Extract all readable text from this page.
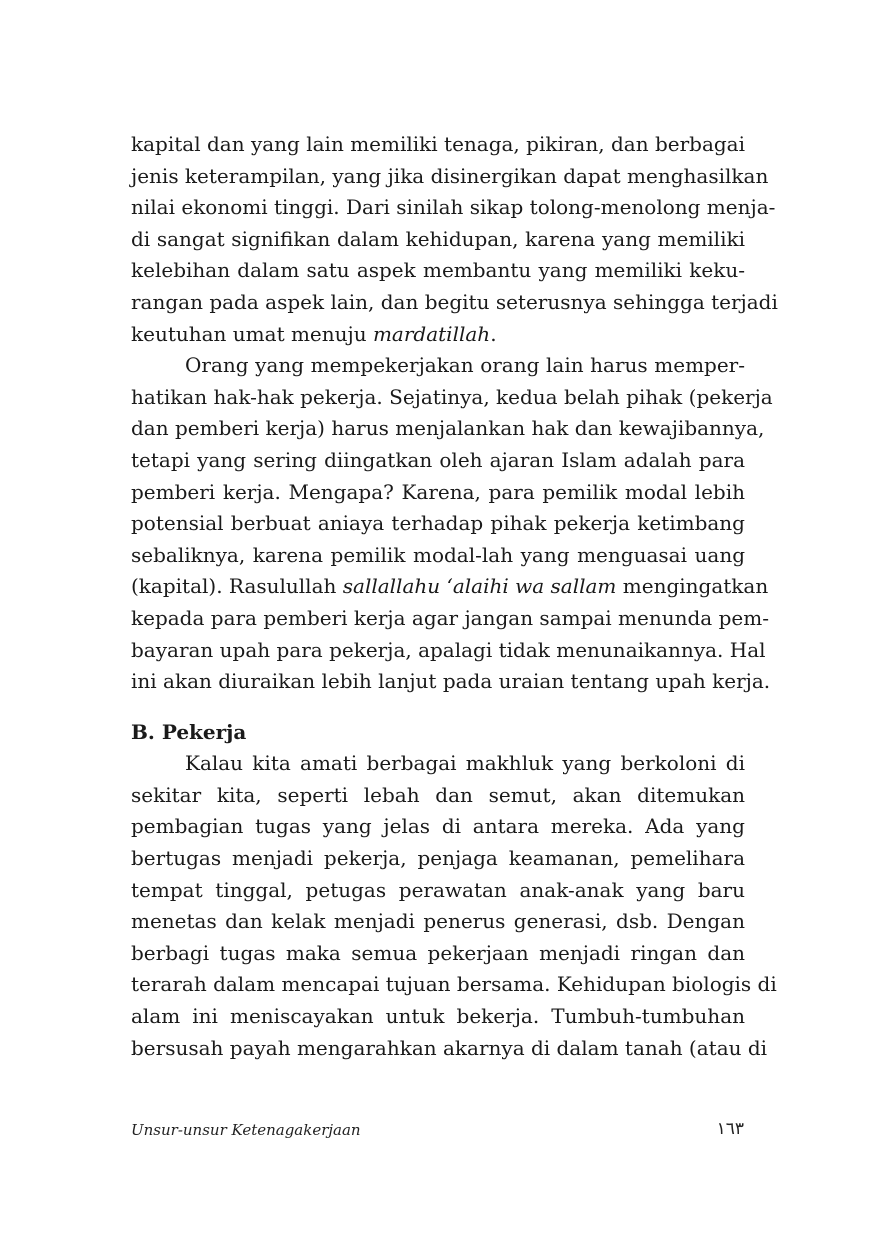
kapital dan yang lain memiliki tenaga, pikiran, dan berbagai
jenis keterampilan, yang jika disinergikan dapat menghasilkan
nilai ekonomi tinggi. Dari sinilah sikap tolong-menolong menja-
di sangat signifikan dalam kehidupan, karena yang memiliki
kelebihan dalam satu aspek membantu yang memiliki keku-
rangan pada aspek lain, dan begitu seterusnya sehingga terjadi
keutuhan umat menuju mardatillah.
Orang yang mempekerjakan orang lain harus memper-
hatikan hak-hak pekerja. Sejatinya, kedua belah pihak (pekerja
dan pemberi kerja) harus menjalankan hak dan kewajibannya,
tetapi yang sering diingatkan oleh ajaran Islam adalah para
pemberi kerja. Mengapa? Karena, para pemilik modal lebih
potensial berbuat aniaya terhadap pihak pekerja ketimbang
sebaliknya, karena pemilik modal-lah yang menguasai uang
(kapital). Rasulullah sallallahu ‘alaihi wa sallam mengingatkan
kepada para pemberi kerja agar jangan sampai menunda pem-
bayaran upah para pekerja, apalagi tidak menunaikannya. Hal
ini akan diuraikan lebih lanjut pada uraian tentang upah kerja.
B. Pekerja
Kalau kita amati berbagai makhluk yang berkoloni di
sekitar kita, seperti lebah dan semut, akan ditemukan
pembagian tugas yang jelas di antara mereka. Ada yang
bertugas menjadi pekerja, penjaga keamanan, pemelihara
tempat tinggal, petugas perawatan anak-anak yang baru
menetas dan kelak menjadi penerus generasi, dsb. Dengan
berbagi tugas maka semua pekerjaan menjadi ringan dan
terarah dalam mencapai tujuan bersama. Kehidupan biologis di
alam ini meniscayakan untuk bekerja. Tumbuh-tumbuhan
bersusah payah mengarahkan akarnya di dalam tanah (atau di
Unsur-unsur Ketenagakerjaan	١٦٣
